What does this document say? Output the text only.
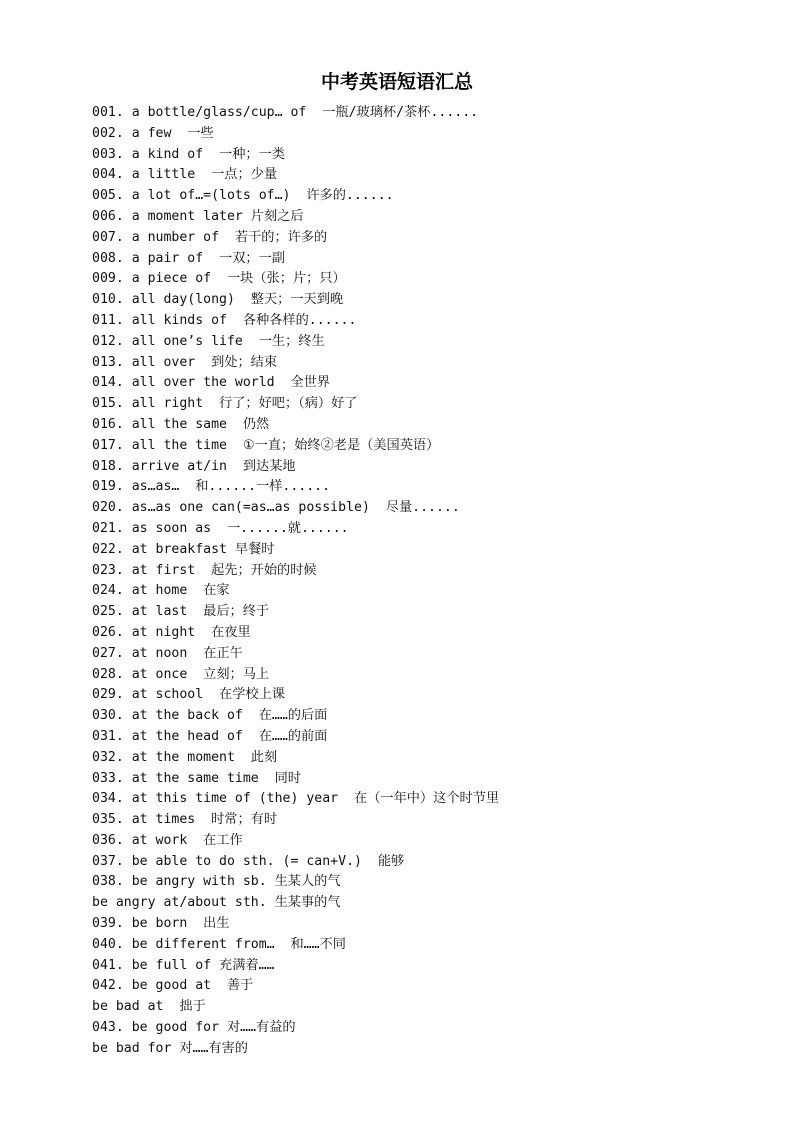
中考英语短语汇总
001. a bottle/glass/cup… of  一瓶/玻璃杯/茶杯......
002. a few  一些
003. a kind of  一种；一类
004. a little  一点；少量
005. a lot of…=(lots of…)  许多的......
006. a moment later 片刻之后
007. a number of  若干的；许多的
008. a pair of  一双；一副
009. a piece of  一块（张；片；只）
010. all day(long)  整天；一天到晚
011. all kinds of  各种各样的......
012. all one’s life  一生；终生
013. all over  到处；结束
014. all over the world  全世界
015. all right  行了；好吧；（病）好了
016. all the same  仍然
017. all the time  ①一直；始终②老是（美国英语）
018. arrive at/in  到达某地
019. as…as…  和......一样......
020. as…as one can(=as…as possible)  尽量......
021. as soon as  一......就......
022. at breakfast 早餐时
023. at first  起先；开始的时候
024. at home  在家
025. at last  最后；终于
026. at night  在夜里
027. at noon  在正午
028. at once  立刻；马上
029. at school  在学校上课
030. at the back of  在……的后面
031. at the head of  在……的前面
032. at the moment  此刻
033. at the same time  同时
034. at this time of (the) year  在（一年中）这个时节里
035. at times  时常；有时
036. at work  在工作
037. be able to do sth. (= can+V.)  能够
038. be angry with sb. 生某人的气
be angry at/about sth. 生某事的气
039. be born  出生
040. be different from…  和……不同
041. be full of 充满着……
042. be good at  善于
be bad at  拙于
043. be good for 对……有益的
be bad for 对……有害的
